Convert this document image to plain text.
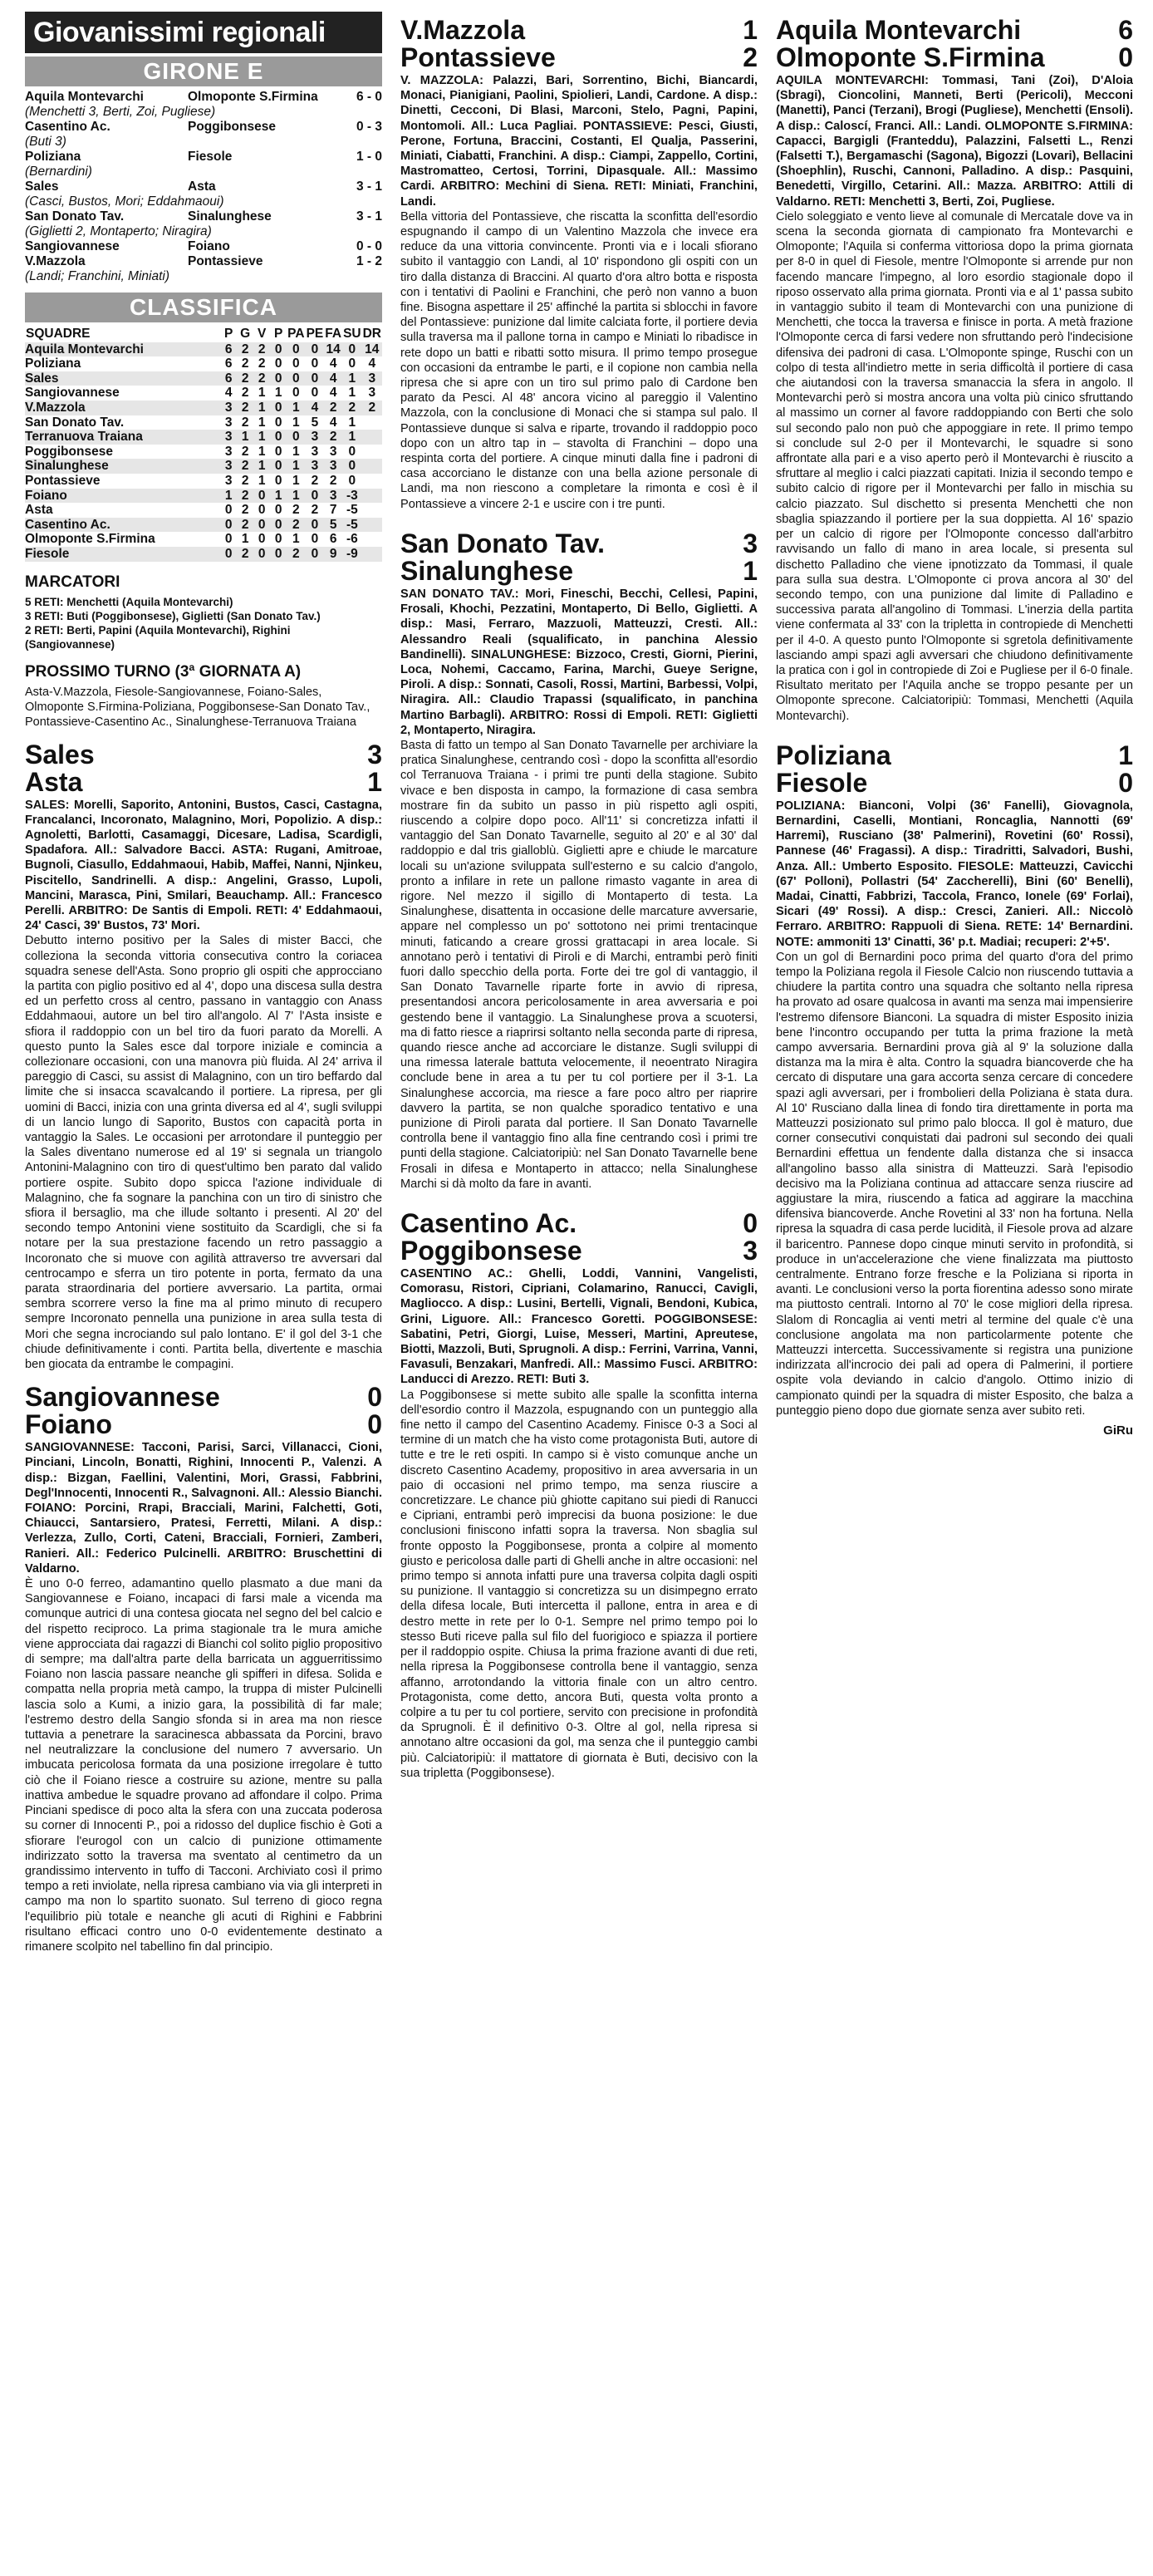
Giovanissimi regionali
GIRONE E
Aquila Montevarchi	Olmoponte S.Firmina	6 - 0
(Menchetti 3, Berti, Zoi, Pugliese)
Casentino Ac.	Poggibonsese	0 - 3
(Buti 3)
Poliziana	Fiesole	1 - 0
(Bernardini)
Sales	Asta	3 - 1
(Casci, Bustos, Mori; Eddahmaoui)
San Donato Tav.	Sinalunghese	3 - 1
(Giglietti 2, Montaperto; Niragira)
Sangiovannese	Foiano	0 - 0
V.Mazzola	Pontassieve	1 - 2
(Landi; Franchini, Miniati)
CLASSIFICA
SQUADRE	P	G	V	P	PA	PE	FA	SU	DR
Aquila Montevarchi	6	2	2	0	0	0	14	0	14
Poliziana	6	2	2	0	0	0	4	0	4
Sales	6	2	2	0	0	0	4	1	3
Sangiovannese	4	2	1	1	0	0	4	1	3
V.Mazzola	3	2	1	0	1	4	2	2	2
San Donato Tav.	3	2	1	0	1	5	4	1	
Terranuova Traiana	3	1	1	0	0	3	2	1	
Poggibonsese	3	2	1	0	1	3	3	0	
Sinalunghese	3	2	1	0	1	3	3	0	
Pontassieve	3	2	1	0	1	2	2	0	
Foiano	1	2	0	1	1	0	3	-3	
Asta	0	2	0	0	2	2	7	-5	
Casentino Ac.	0	2	0	0	2	0	5	-5	
Olmoponte S.Firmina	0	1	0	0	1	0	6	-6	
Fiesole	0	2	0	0	2	0	9	-9	
MARCATORI
5 RETI: Menchetti (Aquila Montevarchi)
3 RETI: Buti (Poggibonsese), Giglietti (San Donato Tav.)
2 RETI: Berti, Papini (Aquila Montevarchi), Righini (Sangiovannese)
PROSSIMO TURNO (3ª GIORNATA A)
Asta-V.Mazzola, Fiesole-Sangiovannese, Foiano-Sales, Olmoponte S.Firmina-Poliziana, Poggibonsese-San Donato Tav., Pontassieve-Casentino Ac., Sinalunghese-Terranuova Traiana
Sales	3
Asta	1
SALES: Morelli, Saporito, Antonini, Bustos, Casci, Castagna, Francalanci, Incoronato, Malagnino, Mori, Popolizio. A disp.: Agnoletti, Barlotti, Casamaggi, Dicesare, Ladisa, Scardigli, Spadafora. All.: Salvadore Bacci. ASTA: Rugani, Amitroae, Bugnoli, Ciasullo, Eddahmaoui, Habib, Maffei, Nanni, Njinkeu, Piscitello, Sandrinelli. A disp.: Angelini, Grasso, Lupoli, Mancini, Marasca, Pini, Smilari, Beauchamp. All.: Francesco Perelli. ARBITRO: De Santis di Empoli. RETI: 4' Eddahmaoui, 24' Casci, 39' Bustos, 73' Mori.
Debutto interno positivo per la Sales di mister Bacci, che colleziona la seconda vittoria consecutiva contro la coriacea squadra senese dell'Asta. Sono proprio gli ospiti che approcciano la partita con piglio positivo ed al 4', dopo una discesa sulla destra ed un perfetto cross al centro, passano in vantaggio con Anass Eddahmaoui, autore un bel tiro all'angolo. Al 7' l'Asta insiste e sfiora il raddoppio con un bel tiro da fuori parato da Morelli. A questo punto la Sales esce dal torpore iniziale e comincia a collezionare occasioni, con una manovra più fluida. Al 24' arriva il pareggio di Casci, su assist di Malagnino, con un tiro beffardo dal limite che si insacca scavalcando il portiere. La ripresa, per gli uomini di Bacci, inizia con una grinta diversa ed al 4', sugli sviluppi di un lancio lungo di Saporito, Bustos con capacità porta in vantaggio la Sales. Le occasioni per arrotondare il punteggio per la Sales diventano numerose ed al 19' si segnala un triangolo Antonini-Malagnino con tiro di quest'ultimo ben parato dal valido portiere ospite. Subito dopo spicca l'azione individuale di Malagnino, che fa sognare la panchina con un tiro di sinistro che sfiora il bersaglio, ma che illude soltanto i presenti. Al 20' del secondo tempo Antonini viene sostituito da Scardigli, che si fa notare per la sua prestazione facendo un retro passaggio a Incoronato che si muove con agilità attraverso tre avversari dal centrocampo e sferra un tiro potente in porta, fermato da una parata straordinaria del portiere avversario. La partita, ormai sembra scorrere verso la fine ma al primo minuto di recupero sempre Incoronato pennella una punizione in area sulla testa di Mori che segna incrociando sul palo lontano. E' il gol del 3-1 che chiude definitivamente i conti. Partita bella, divertente e maschia ben giocata da entrambe le compagini.
Sangiovannese	0
Foiano	0
SANGIOVANNESE: Tacconi, Parisi, Sarci, Villanacci, Cioni, Pinciani, Lincoln, Bonatti, Righini, Innocenti P., Valenzi. A disp.: Bizgan, Faellini, Valentini, Mori, Grassi, Fabbrini, Degl'Innocenti, Innocenti R., Salvagnoni. All.: Alessio Bianchi. FOIANO: Porcini, Rrapi, Bracciali, Marini, Falchetti, Goti, Chiaucci, Santarsiero, Pratesi, Ferretti, Milani. A disp.: Verlezza, Zullo, Corti, Cateni, Bracciali, Fornieri, Zamberi, Ranieri. All.: Federico Pulcinelli. ARBITRO: Bruschettini di Valdarno.
È uno 0-0 ferreo, adamantino quello plasmato a due mani da Sangiovannese e Foiano, incapaci di farsi male a vicenda ma comunque autrici di una contesa giocata nel segno del bel calcio e del rispetto reciproco. La prima stagionale tra le mura amiche viene approcciata dai ragazzi di Bianchi col solito piglio propositivo di sempre; ma dall'altra parte della barricata un agguerritissimo Foiano non lascia passare neanche gli spifferi in difesa. Solida e compatta nella propria metà campo, la truppa di mister Pulcinelli lascia solo a Kumi, a inizio gara, la possibilità di far male; l'estremo destro della Sangio sfonda si in area ma non riesce tuttavia a penetrare la saracinesca abbassata da Porcini, bravo nel neutralizzare la conclusione del numero 7 avversario. Un imbucata pericolosa formata da una posizione irregolare è tutto ciò che il Foiano riesce a costruire su azione, mentre su palla inattiva ambedue le squadre provano ad affondare il colpo. Prima Pinciani spedisce di poco alta la sfera con una zuccata poderosa su corner di Innocenti P., poi a ridosso del duplice fischio è Goti a sfiorare l'eurogol con un calcio di punizione ottimamente indirizzato sotto la traversa ma sventato al centimetro da un grandissimo intervento in tuffo di Tacconi. Archiviato così il primo tempo a reti inviolate, nella ripresa cambiano via via gli interpreti in campo ma non lo spartito suonato. Sul terreno di gioco regna l'equilibrio più totale e neanche gli acuti di Righini e Fabbrini risultano efficaci contro uno 0-0 evidentemente destinato a rimanere scolpito nel tabellino fin dal principio.
V.Mazzola	1
Pontassieve	2
V. MAZZOLA: Palazzi, Bari, Sorrentino, Bichi, Biancardi, Monaci, Pianigiani, Paolini, Spiolieri, Landi, Cardone. A disp.: Dinetti, Cecconi, Di Blasi, Marconi, Stelo, Pagni, Papini, Montomoli. All.: Luca Pagliai. PONTASSIEVE: Pesci, Giusti, Perone, Fortuna, Braccini, Costanti, El Qualja, Passerini, Miniati, Ciabatti, Franchini. A disp.: Ciampi, Zappello, Cortini, Mastromatteo, Certosi, Torrini, Dipasquale. All.: Massimo Cardi. ARBITRO: Mechini di Siena. RETI: Miniati, Franchini, Landi.
Bella vittoria del Pontassieve, che riscatta la sconfitta dell'esordio espugnando il campo di un Valentino Mazzola che invece era reduce da una vittoria convincente. Pronti via e i locali sfiorano subito il vantaggio con Landi, al 10' rispondono gli ospiti con un tiro dalla distanza di Braccini. Al quarto d'ora altro botta e risposta con i tentativi di Paolini e Franchini, che però non vanno a buon fine. Bisogna aspettare il 25' affinché la partita si sblocchi in favore del Pontassieve: punizione dal limite calciata forte, il portiere devia sulla traversa ma il pallone torna in campo e Miniati lo ribadisce in rete dopo un batti e ribatti sotto misura. Il primo tempo prosegue con occasioni da entrambe le parti, e il copione non cambia nella ripresa che si apre con un tiro sul primo palo di Cardone ben parato da Pesci. Al 48' ancora vicino al pareggio il Valentino Mazzola, con la conclusione di Monaci che si stampa sul palo. Il Pontassieve dunque si salva e riparte, trovando il raddoppio poco dopo con un altro tap in – stavolta di Franchini – dopo una respinta corta del portiere. A cinque minuti dalla fine i padroni di casa accorciano le distanze con una bella azione personale di Landi, ma non riescono a completare la rimonta e così è il Pontassieve a vincere 2-1 e uscire con i tre punti.
San Donato Tav.	3
Sinalunghese	1
SAN DONATO TAV.: Mori, Fineschi, Becchi, Cellesi, Papini, Frosali, Khochi, Pezzatini, Montaperto, Di Bello, Giglietti. A disp.: Masi, Ferraro, Mazzuoli, Matteuzzi, Cresti. All.: Alessandro Reali (squalificato, in panchina Alessio Bandinelli). SINALUNGHESE: Bizzoco, Cresti, Giorni, Pierini, Loca, Nohemi, Caccamo, Farina, Marchi, Gueye Serigne, Piroli. A disp.: Sonnati, Casoli, Rossi, Martini, Barbessi, Volpi, Niragira. All.: Claudio Trapassi (squalificato, in panchina Martino Barbagli). ARBITRO: Rossi di Empoli. RETI: Giglietti 2, Montaperto, Niragira.
Basta di fatto un tempo al San Donato Tavarnelle per archiviare la pratica Sinalunghese, centrando così - dopo la sconfitta all'esordio col Terranuova Traiana - i primi tre punti della stagione. Subito vivace e ben disposta in campo, la formazione di casa sembra mostrare fin da subito un passo in più rispetto agli ospiti, riuscendo a colpire dopo poco. All'11' si concretizza infatti il vantaggio del San Donato Tavarnelle, seguito al 20' e al 30' dal raddoppio e dal tris gialloblù. Giglietti apre e chiude le marcature locali su un'azione sviluppata sull'esterno e su calcio d'angolo, pronto a infilare in rete un pallone rimasto vagante in area di rigore. Nel mezzo il sigillo di Montaperto di testa. La Sinalunghese, disattenta in occasione delle marcature avversarie, appare nel complesso un po' sottotono nei primi trentacinque minuti, faticando a creare grossi grattacapi in area locale. Si annotano però i tentativi di Piroli e di Marchi, entrambi però finiti fuori dallo specchio della porta. Forte dei tre gol di vantaggio, il San Donato Tavarnelle riparte forte in avvio di ripresa, presentandosi ancora pericolosamente in area avversaria e poi gestendo bene il vantaggio. La Sinalunghese prova a scuotersi, ma di fatto riesce a riaprirsi soltanto nella seconda parte di ripresa, quando riesce anche ad accorciare le distanze. Sugli sviluppi di una rimessa laterale battuta velocemente, il neoentrato Niragira conclude bene in area a tu per tu col portiere per il 3-1. La Sinalunghese accorcia, ma riesce a fare poco altro per riaprire davvero la partita, se non qualche sporadico tentativo e una punizione di Piroli parata dal portiere. Il San Donato Tavarnelle controlla bene il vantaggio fino alla fine centrando così i primi tre punti della stagione. Calciatoripiù: nel San Donato Tavarnelle bene Frosali in difesa e Montaperto in attacco; nella Sinalunghese Marchi si dà molto da fare in avanti.
Casentino Ac.	0
Poggibonsese	3
CASENTINO AC.: Ghelli, Loddi, Vannini, Vangelisti, Comorasu, Ristori, Cipriani, Colamarino, Ranucci, Cavigli, Magliocco. A disp.: Lusini, Bertelli, Vignali, Bendoni, Kubica, Grini, Liguore. All.: Francesco Goretti. POGGIBONSESE: Sabatini, Petri, Giorgi, Luise, Messeri, Martini, Apreutese, Biotti, Mazzoli, Buti, Sprugnoli. A disp.: Ferrini, Varrina, Vanni, Favasuli, Benzakari, Manfredi. All.: Massimo Fusci. ARBITRO: Landucci di Arezzo. RETI: Buti 3.
La Poggibonsese si mette subito alle spalle la sconfitta interna dell'esordio contro il Mazzola, espugnando con un punteggio alla fine netto il campo del Casentino Academy. Finisce 0-3 a Soci al termine di un match che ha visto come protagonista Buti, autore di tutte e tre le reti ospiti. In campo si è visto comunque anche un discreto Casentino Academy, propositivo in area avversaria in un paio di occasioni nel primo tempo, ma senza riuscire a concretizzare. Le chance più ghiotte capitano sui piedi di Ranucci e Cipriani, entrambi però imprecisi da buona posizione: le due conclusioni finiscono infatti sopra la traversa. Non sbaglia sul fronte opposto la Poggibonsese, pronta a colpire al momento giusto e pericolosa dalle parti di Ghelli anche in altre occasioni: nel primo tempo si annota infatti pure una traversa colpita dagli ospiti su punizione. Il vantaggio si concretizza su un disimpegno errato della difesa locale, Buti intercetta il pallone, entra in area e di destro mette in rete per lo 0-1. Sempre nel primo tempo poi lo stesso Buti riceve palla sul filo del fuorigioco e spiazza il portiere per il raddoppio ospite. Chiusa la prima frazione avanti di due reti, nella ripresa la Poggibonsese controlla bene il vantaggio, senza affanno, arrotondando la vittoria finale con un altro centro. Protagonista, come detto, ancora Buti, questa volta pronto a colpire a tu per tu col portiere, servito con precisione in profondità da Sprugnoli. È il definitivo 0-3. Oltre al gol, nella ripresa si annotano altre occasioni da gol, ma senza che il punteggio cambi più. Calciatoripiù: il mattatore di giornata è Buti, decisivo con la sua tripletta (Poggibonsese).
Aquila Montevarchi	6
Olmoponte S.Firmina	0
AQUILA MONTEVARCHI: Tommasi, Tani (Zoi), D'Aloia (Sbragi), Cioncolini, Manneti, Berti (Pericoli), Mecconi (Manetti), Panci (Terzani), Brogi (Pugliese), Menchetti (Ensoli). A disp.: Caloscí, Franci. All.: Landi. OLMOPONTE S.FIRMINA: Capacci, Bargigli (Franteddu), Palazzini, Falsetti L., Renzi (Falsetti T.), Bergamaschi (Sagona), Bigozzi (Lovari), Bellacini (Shoephlin), Ruschi, Cannoni, Palladino. A disp.: Pasquini, Benedetti, Virgillo, Cetarini. All.: Mazza. ARBITRO: Attili di Valdarno. RETI: Menchetti 3, Berti, Zoi, Pugliese.
Cielo soleggiato e vento lieve al comunale di Mercatale dove va in scena la seconda giornata di campionato fra Montevarchi e Olmoponte; l'Aquila si conferma vittoriosa dopo la prima giornata per 8-0 in quel di Fiesole, mentre l'Olmoponte si arrende pur non facendo mancare l'impegno, al loro esordio stagionale dopo il riposo osservato alla prima giornata. Pronti via e al 1' passa subito in vantaggio subito il team di Montevarchi con una punizione di Menchetti, che tocca la traversa e finisce in porta. A metà frazione l'Olmoponte cerca di farsi vedere non sfruttando però l'indecisione difensiva dei padroni di casa. L'Olmoponte spinge, Ruschi con un colpo di testa all'indietro mette in seria difficoltà il portiere di casa che aiutandosi con la traversa smanaccia la sfera in angolo. Il Montevarchi però si mostra ancora una volta più cinico sfruttando al massimo un corner al favore raddoppiando con Berti che solo sul secondo palo non può che appoggiare in rete. Il primo tempo si conclude sul 2-0 per il Montevarchi, le squadre si sono affrontate alla pari e a viso aperto però il Montevarchi è riuscito a sfruttare al meglio i calci piazzati capitati. Inizia il secondo tempo e subito calcio di rigore per il Montevarchi per fallo in mischia su calcio piazzato. Sul dischetto si presenta Menchetti che non sbaglia spiazzando il portiere per la sua doppietta. Al 16' spazio per un calcio di rigore per l'Olmoponte concesso dall'arbitro ravvisando un fallo di mano in area locale, si presenta sul dischetto Palladino che viene ipnotizzato da Tommasi, il quale para sulla sua destra. L'Olmoponte ci prova ancora al 30' del secondo tempo, con una punizione dal limite di Palladino e successiva parata all'angolino di Tommasi. L'inerzia della partita viene confermata al 33' con la tripletta in contropiede di Menchetti per il 4-0. A questo punto l'Olmoponte si sgretola definitivamente lasciando ampi spazi agli avversari che chiudono definitivamente la pratica con i gol in contropiede di Zoi e Pugliese per il 6-0 finale. Risultato meritato per l'Aquila anche se troppo pesante per un Olmoponte sprecone. Calciatoripiù: Tommasi, Menchetti (Aquila Montevarchi).
Poliziana	1
Fiesole	0
POLIZIANA: Bianconi, Volpi (36' Fanelli), Giovagnola, Bernardini, Caselli, Montiani, Roncaglia, Nannotti (69' Harremi), Rusciano (38' Palmerini), Rovetini (60' Rossi), Pannese (46' Fragassi). A disp.: Tiradritti, Salvadori, Bushi, Anza. All.: Umberto Esposito. FIESOLE: Matteuzzi, Cavicchi (67' Polloni), Pollastri (54' Zaccherelli), Bini (60' Benelli), Madai, Cinatti, Fabbrizi, Taccola, Franco, Ionele (69' Forlai), Sicari (49' Rossi). A disp.: Cresci, Zanieri. All.: Niccolò Ferraro. ARBITRO: Rappuoli di Siena. RETE: 14' Bernardini. NOTE: ammoniti 13' Cinatti, 36' p.t. Madiai; recuperi: 2'+5'.
Con un gol di Bernardini poco prima del quarto d'ora del primo tempo la Poliziana regola il Fiesole Calcio non riuscendo tuttavia a chiudere la partita contro una squadra che soltanto nella ripresa ha provato ad osare qualcosa in avanti ma senza mai impensierire l'estremo difensore Bianconi. La squadra di mister Esposito inizia bene l'incontro occupando per tutta la prima frazione la metà campo avversaria. Bernardini prova già al 9' la soluzione dalla distanza ma la mira è alta. Contro la squadra biancoverde che ha cercato di disputare una gara accorta senza cercare di concedere spazi agli avversari, per i frombolieri della Poliziana è stata dura. Al 10' Rusciano dalla linea di fondo tira direttamente in porta ma Matteuzzi posizionato sul primo palo blocca. Il gol è maturo, due corner consecutivi conquistati dai padroni sul secondo dei quali Bernardini effettua un fendente dalla distanza che si insacca all'angolino basso alla sinistra di Matteuzzi. Sarà l'episodio decisivo ma la Poliziana continua ad attaccare senza riuscire ad aggiustare la mira, riuscendo a fatica ad aggirare la macchina difensiva biancoverde. Anche Rovetini al 33' non ha fortuna. Nella ripresa la squadra di casa perde lucidità, il Fiesole prova ad alzare il baricentro. Pannese dopo cinque minuti servito in profondità, si produce in un'accelerazione che viene finalizzata ma piuttosto centralmente. Entrano forze fresche e la Poliziana si riporta in avanti. Le conclusioni verso la porta fiorentina adesso sono mirate ma piuttosto centrali. Intorno al 70' le cose migliori della ripresa. Slalom di Roncaglia ai venti metri al termine del quale c'è una conclusione angolata ma non particolarmente potente che Matteuzzi intercetta. Successivamente si registra una punizione indirizzata all'incrocio dei pali ad opera di Palmerini, il portiere ospite vola deviando in calcio d'angolo. Ottimo inizio di campionato quindi per la squadra di mister Esposito, che balza a punteggio pieno dopo due giornate senza aver subito reti.
GiRu
